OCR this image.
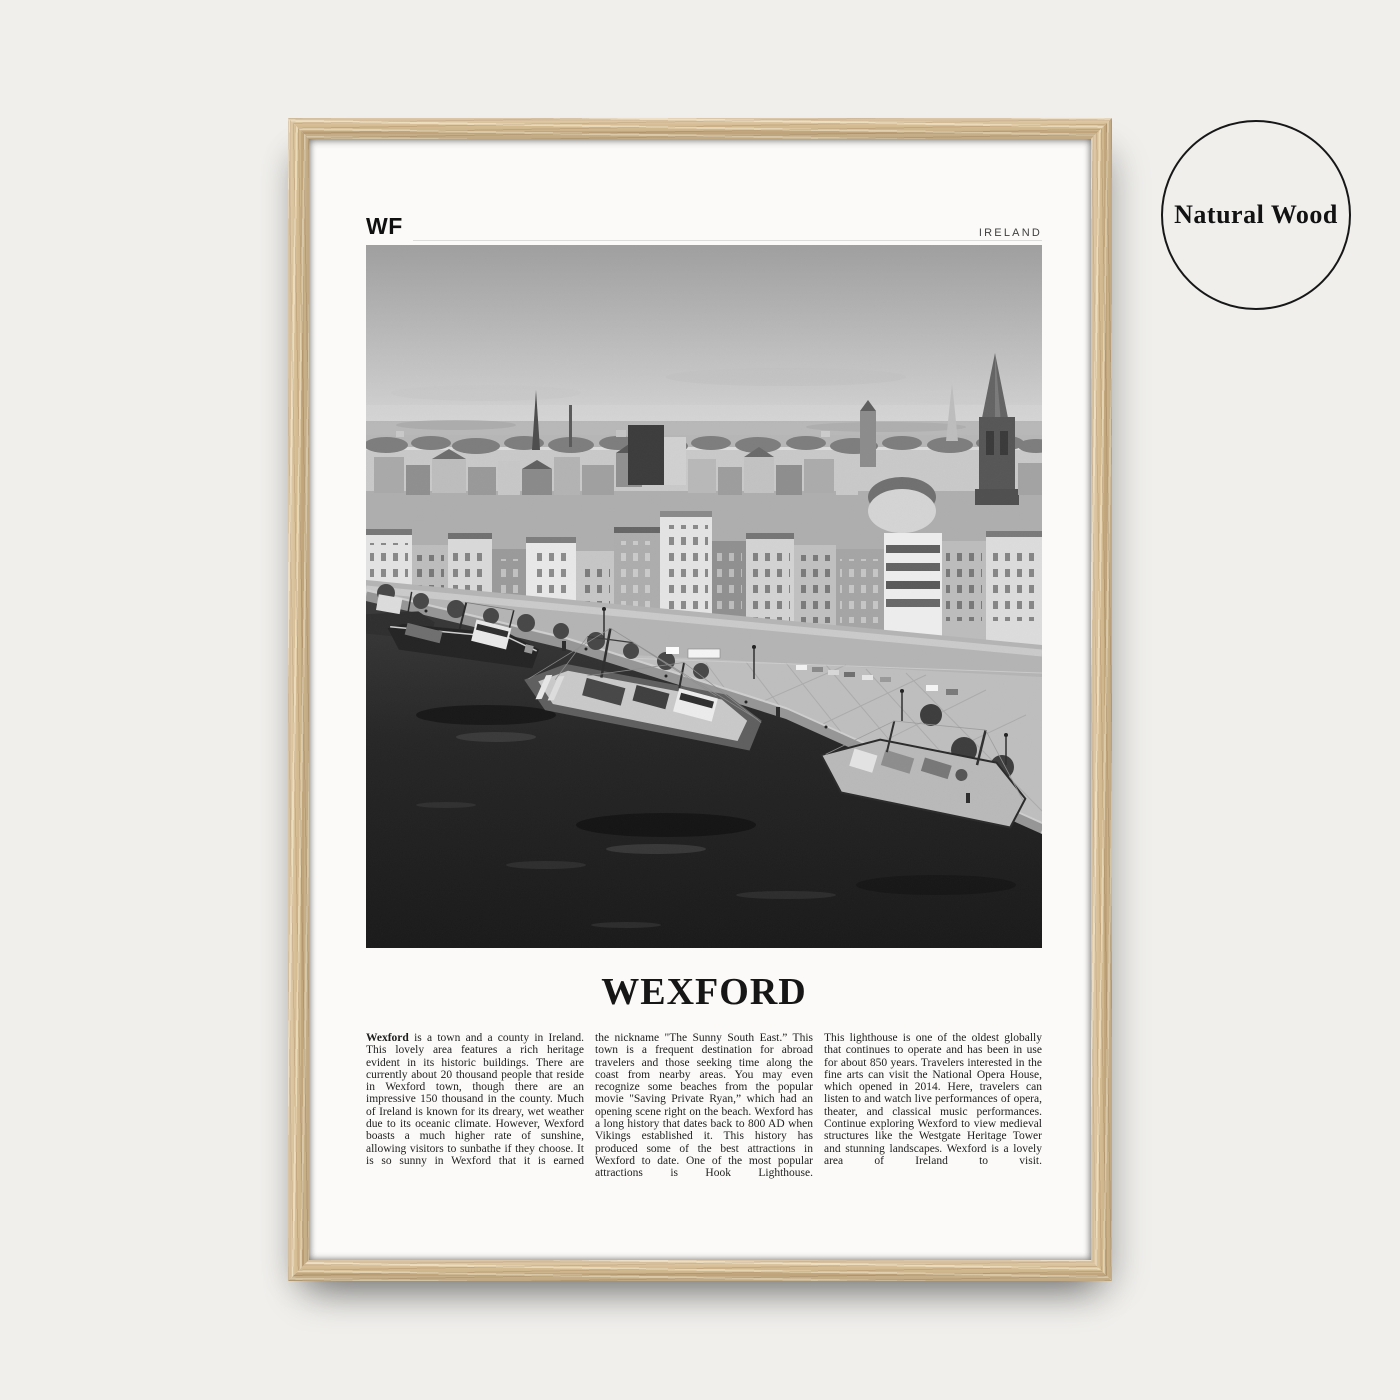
WF	IRELAND
WEXFORD
Wexford is a town and a county in Ireland. This lovely area features a rich heritage evident in its historic buildings. There are currently about 20 thousand people that reside in Wexford town, though there are an impressive 150 thousand in the county. Much of Ireland is known for its dreary, wet weather due to its oceanic climate. However, Wexford boasts a much higher rate of sunshine, allowing visitors to sunbathe if they choose. It is so sunny in Wexford that it is earned
the nickname "The Sunny South East.” This town is a frequent destination for abroad travelers and those seeking time along the coast from nearby areas. You may even recognize some beaches from the popular movie "Saving Private Ryan,” which had an opening scene right on the beach. Wexford has a long history that dates back to 800 AD when Vikings established it. This history has produced some of the best attractions in Wexford to date. One of the most popular attractions is Hook Lighthouse.
This lighthouse is one of the oldest globally that continues to operate and has been in use for about 850 years. Travelers interested in the fine arts can visit the National Opera House, which opened in 2014. Here, travelers can listen to and watch live performances of opera, theater, and classical music performances. Continue exploring Wexford to view medieval structures like the Westgate Heritage Tower and stunning landscapes. Wexford is a lovely area of Ireland to visit.
Natural Wood
